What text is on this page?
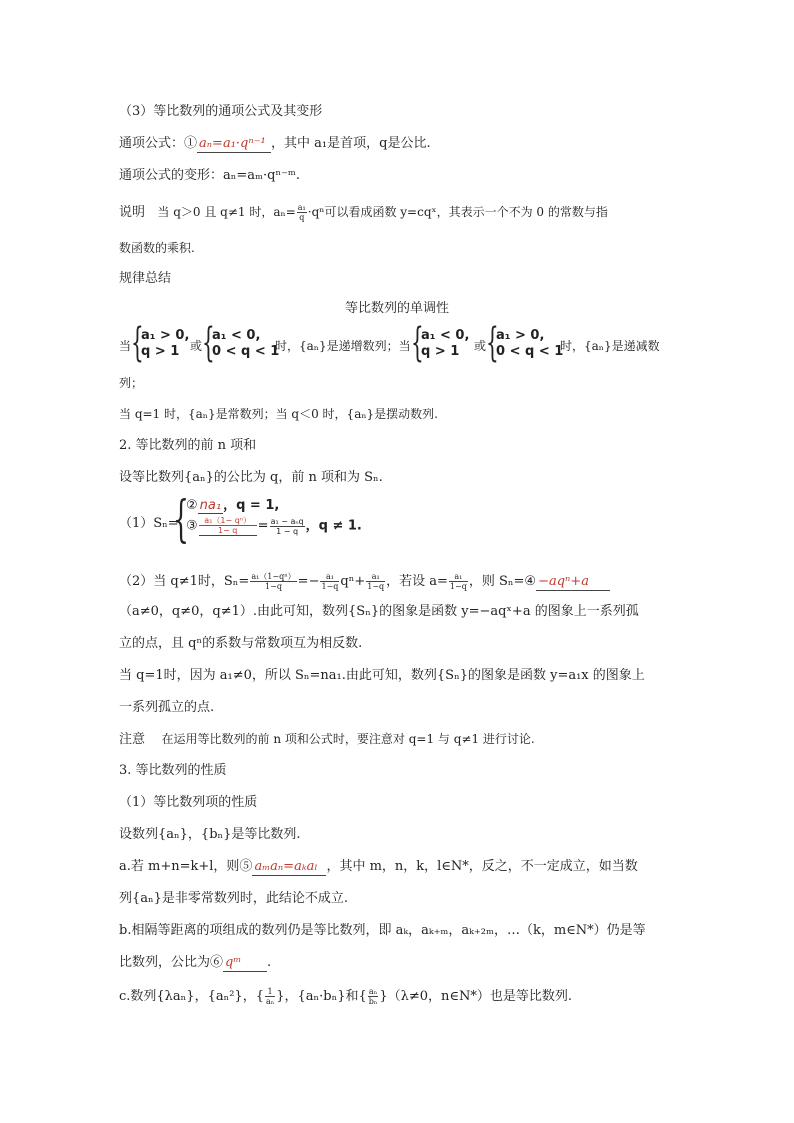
（3）等比数列的通项公式及其变形
通项公式：① aₙ=a₁·qⁿ⁻¹ ，其中 a₁是首项，q是公比.
通项公式的变形：aₙ=aₘ·qⁿ⁻ᵐ.
说明 当 q＞0 且 q≠1 时，$a_n= \frac{\text{a₁}}{q} \cdot q^n$可以看成函数 y=cqˣ，其表示一个不为 0 的常数与指
数函数的乘积.
规律总结
等比数列的单调性
当 {
a₁ > 0,
q > 1 或 {
a₁ < 0,
0 < q < 1
时，{aₙ}是递增数列；当 {
a₁ < 0,
q > 1 或 {
a₁ > 0,
0 < q < 1
时，{aₙ}是递减数
列；
当 q=1 时，{aₙ}是常数列；当 q＜0 时，{aₙ}是摆动数列.
2. 等比数列的前 n 项和
设等比数列{aₙ}的公比为 q，前 n 项和为 Sₙ.
（1）Sₙ=
{
② na₁ ，q = 1,
③ $\frac{\text{a₁（1− qⁿ）}}{1- q} = \frac{\text{a₁ − aₙq}}{1 - q}$ ，q ≠ 1.
（2）当 q≠1时，$S_n= \frac{\text{a₁（1−qⁿ）}}{1-q} =- \frac{\text{a₁}}{1-q} q^n+ \frac{\text{a₁}}{1-q}$ ，若设 $a= \frac{\text{a₁}}{1-q}$ ，则 Sₙ=④ −aqⁿ+a
（a≠0，q≠0，q≠1）.由此可知，数列{Sₙ}的图象是函数 y=−aqˣ+a 的图象上一系列孤
立的点，且 qⁿ的系数与常数项互为相反数.
当 q=1时，因为 a₁≠0，所以 Sₙ=na₁.由此可知，数列{Sₙ}的图象是函数 y=a₁x 的图象上
一系列孤立的点.
注意 在运用等比数列的前 n 项和公式时，要注意对 q=1 与 q≠1 进行讨论.
3. 等比数列的性质
（1）等比数列项的性质
设数列{aₙ}，{bₙ}是等比数列.
a.若 m+n=k+l，则⑤ aₘaₙ=aₖaₗ ，其中 m，n，k，l∈N*，反之，不一定成立，如当数
列{aₙ}是非零常数列时，此结论不成立.
b.相隔等距离的项组成的数列仍是等比数列，即 aₖ，aₖ₊ₘ，aₖ₊₂ₘ，…（k，m∈N*）仍是等
比数列，公比为⑥ qᵐ .
c.数列{λaₙ}，{aₙ²}，{ $\frac{1}{\text{aₙ}}$ }，{aₙ·bₙ}和{ $\frac{\text{aₙ}}{\text{bₙ}} \}(\lambda\ne 0$，n∈N*）也是等比数列.
